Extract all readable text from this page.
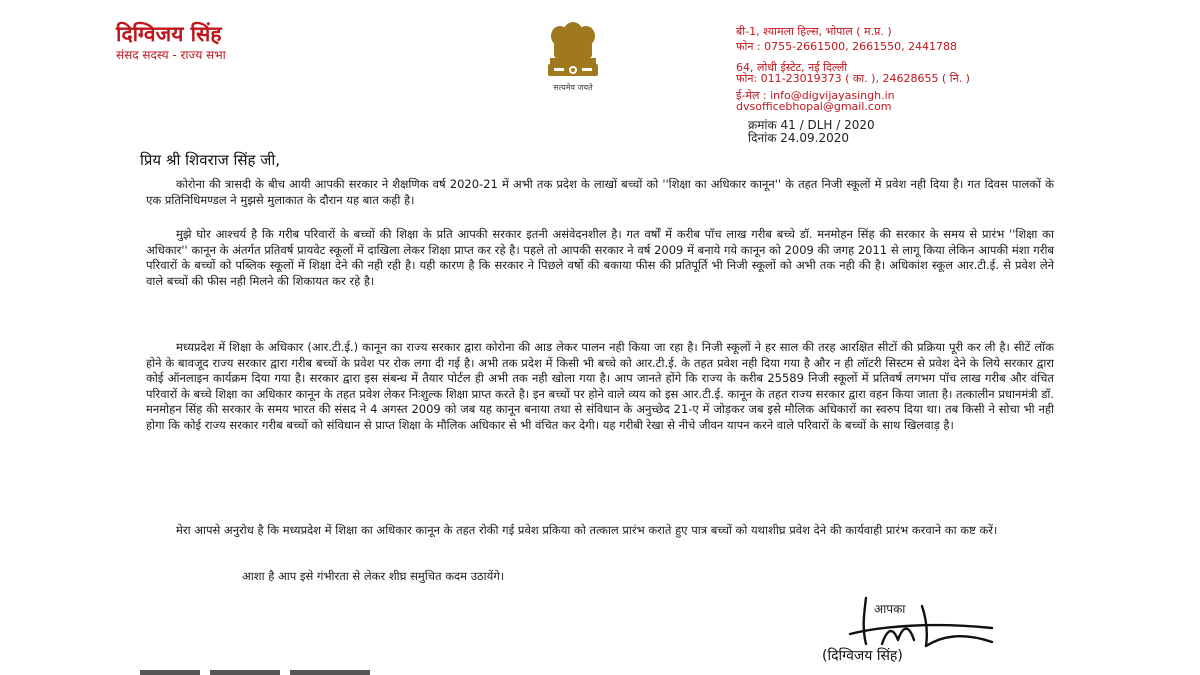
दिग्विजय सिंह
संसद सदस्य - राज्य सभा
सत्यमेव जयते
बी-1, श्यामला हिल्स, भोपाल ( म.प्र. )
फोन : 0755-2661500, 2661550, 2441788
64, लोधी ईस्टेट, नई दिल्ली
फोन: 011-23019373 ( का. ), 24628655 ( नि. )
ई-मेल : info@digvijayasingh.in
dvsofficebhopal@gmail.com
क्रमांक 41 / DLH / 2020
दिनांक 24.09.2020
प्रिय श्री शिवराज सिंह जी,

कोरोना की त्रासदी के बीच आयी आपकी सरकार ने शैक्षणिक वर्ष 2020-21 में अभी तक प्रदेश के लाखों बच्चों को ''शिक्षा का अधिकार कानून'' के तहत निजी स्कूलों में प्रवेश नही दिया है। गत दिवस पालकों के एक प्रतिनिधिमण्डल ने मुझसे मुलाकात के दौरान यह बात कही है।

मुझे घोर आश्चर्य है कि गरीब परिवारों के बच्चों की शिक्षा के प्रति आपकी सरकार इतनी असंवेदनशील है। गत वर्षों में करीब पॉच लाख गरीब बच्चे डॉ. मनमोहन सिंह की सरकार के समय से प्रारंभ ''शिक्षा का अधिकार'' कानून के अंतर्गत प्रतिवर्ष प्रायवेट स्कूलों में दाखिला लेकर शिक्षा प्राप्त कर रहे है। पहले तो आपकी सरकार ने वर्ष 2009 में बनाये गये कानून को 2009 की जगह 2011 से लागू किया लेकिन आपकी मंशा गरीब परिवारों के बच्चों को पब्लिक स्कूलों में शिक्षा देने की नही रही है। यही कारण है कि सरकार ने पिछले वर्षो की बकाया फीस की प्रतिपूर्ति भी निजी स्कूलों को अभी तक नही की है। अधिकांश स्कूल आर.टी.ई. से प्रवेश लेने वाले बच्चों की फीस नही मिलने की शिकायत कर रहे है।

मध्यप्रदेश में शिक्षा के अधिकार (आर.टी.ई.) कानून का राज्य सरकार द्वारा कोरोना की आड लेकर पालन नही किया जा रहा है। निजी स्कूलों ने हर साल की तरह आरक्षित सीटों की प्रक्रिया पूरी कर ली है। सीटें लॉक होने के बावजूद राज्य सरकार द्वारा गरीब बच्चों के प्रवेश पर रोक लगा दी गई है। अभी तक प्रदेश में किसी भी बच्चे को आर.टी.ई. के तहत प्रवेश नही दिया गया है और न ही लॉटरी सिस्टम से प्रवेश देने के लिये सरकार द्वारा कोई ऑनलाइन कार्यक्रम दिया गया है। सरकार द्वारा इस संबन्ध में तैयार पोर्टल ही अभी तक नही खोला गया है। आप जानते होंगे कि राज्य के करीब 25589 निजी स्कूलों में प्रतिवर्ष लगभग पॉच लाख गरीब और वंचित परिवारों के बच्चे शिक्षा का अधिकार कानून के तहत प्रवेश लेकर निःशुल्क शिक्षा प्राप्त करते है। इन बच्चों पर होने वाले व्यय को इस आर.टी.ई. कानून के तहत राज्य सरकार द्वारा वहन किया जाता है। तत्कालीन प्रधानमंत्री डॉ. मनमोहन सिंह की सरकार के समय भारत की संसद ने 4 अगस्त 2009 को जब यह कानून बनाया तथा से संविधान के अनुच्छेद 21-ए में जोड़कर जब इसे मौलिक अधिकारों का स्वरुप दिया था। तब किसी ने सोचा भी नही होगा कि कोई राज्य सरकार गरीब बच्चों को संविधान से प्राप्त शिक्षा के मौलिक अधिकार से भी वंचित कर देगी। यह गरीबी रेखा से नीचे जीवन यापन करने वाले परिवारों के बच्चों के साथ खिलवाड़ है।

मेरा आपसे अनुरोध है कि मध्यप्रदेश में शिक्षा का अधिकार कानून के तहत रोकी गई प्रवेश प्रकिया को तत्काल प्रारंभ कराते हुए पात्र बच्चों को यथाशीघ्र प्रवेश देने की कार्यवाही प्रारंभ करवाने का कष्ट करें।

आशा है आप इसे गंभीरता से लेकर शीघ्र समुचित कदम उठायेंगे।

आपका
(दिग्विजय सिंह)
